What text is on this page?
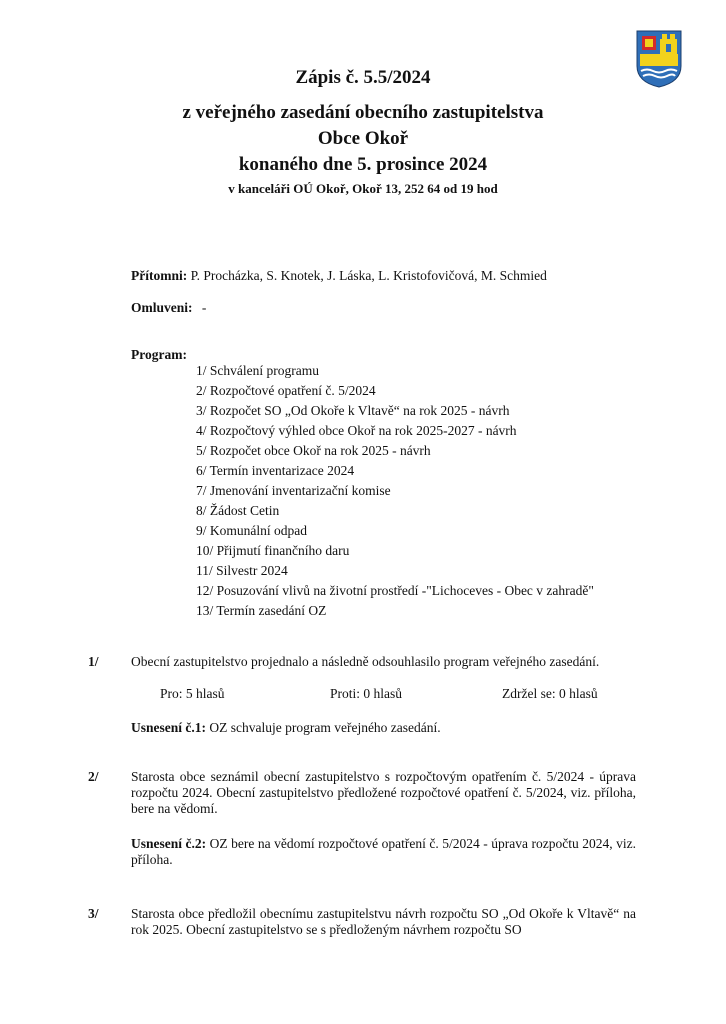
Zápis č. 5.5/2024
z veřejného zasedání obecního zastupitelstva
Obce Okoř
konaného dne 5. prosince 2024
v kanceláři OÚ Okoř, Okoř 13, 252 64 od 19 hod
Přítomni: P. Procházka, S. Knotek, J. Láska, L. Kristofovičová, M. Schmied
Omluveni: -
Program:
1/ Schválení programu
2/ Rozpočtové opatření č. 5/2024
3/ Rozpočet SO „Od Okoře k Vltavě“ na rok 2025 - návrh
4/ Rozpočtový výhled obce Okoř na rok 2025-2027 - návrh
5/ Rozpočet obce Okoř na rok 2025 - návrh
6/ Termín inventarizace 2024
7/ Jmenování inventarizační komise
8/ Žádost Cetin
9/ Komunální odpad
10/ Přijmutí finančního daru
11/ Silvestr 2024
12/ Posuzování vlivů na životní prostředí -"Lichoceves - Obec v zahradě"
13/ Termín zasedání OZ
1/ Obecní zastupitelstvo projednalo a následně odsouhlasilo program veřejného zasedání.
Pro: 5 hlasů	Proti: 0 hlasů	Zdržel se: 0 hlasů
Usnesení č.1: OZ schvaluje program veřejného zasedání.
2/ Starosta obce seznámil obecní zastupitelstvo s rozpočtovým opatřením č. 5/2024 - úprava rozpočtu 2024. Obecní zastupitelstvo předložené rozpočtové opatření č. 5/2024, viz. příloha, bere na vědomí.
Usnesení č.2: OZ bere na vědomí rozpočtové opatření č. 5/2024 - úprava rozpočtu 2024, viz. příloha.
3/ Starosta obce předložil obecnímu zastupitelstvu návrh rozpočtu SO „Od Okoře k Vltavě“ na rok 2025. Obecní zastupitelstvo se s předloženým návrhem rozpočtu SO
